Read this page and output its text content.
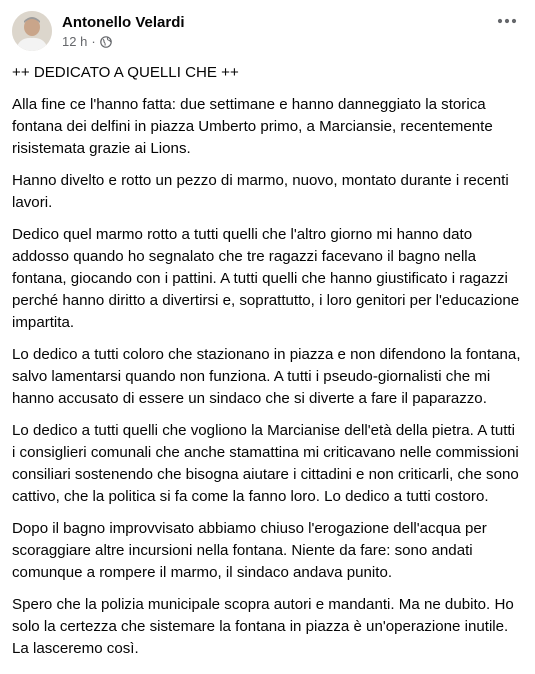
Antonello Velardi
12 h ·

++ DEDICATO A QUELLI CHE ++

Alla fine ce l'hanno fatta: due settimane e hanno danneggiato la storica fontana dei delfini in piazza Umberto primo, a Marciansie, recentemente risistemata grazie ai Lions.

Hanno divelto e rotto un pezzo di marmo, nuovo, montato durante i recenti lavori.

Dedico quel marmo rotto a tutti quelli che l'altro giorno mi hanno dato addosso quando ho segnalato che tre ragazzi facevano il bagno nella fontana, giocando con i pattini. A tutti quelli che hanno giustificato i ragazzi perché hanno diritto a divertirsi e, soprattutto, i loro genitori per l'educazione impartita.

Lo dedico a tutti coloro che stazionano in piazza e non difendono la fontana, salvo lamentarsi quando non funziona. A tutti i pseudo-giornalisti che mi hanno accusato di essere un sindaco che si diverte a fare il paparazzo.

Lo dedico a tutti quelli che vogliono la Marcianise dell'età della pietra. A tutti i consiglieri comunali che anche stamattina mi criticavano nelle commissioni consiliari sostenendo che bisogna aiutare i cittadini e non criticarli, che sono cattivo, che la politica si fa come la fanno loro. Lo dedico a tutti costoro.

Dopo il bagno improvvisato abbiamo chiuso l'erogazione dell'acqua per scoraggiare altre incursioni nella fontana. Niente da fare: sono andati comunque a rompere il marmo, il sindaco andava punito.

Spero che la polizia municipale scopra autori e mandanti. Ma ne dubito. Ho solo la certezza che sistemare la fontana in piazza è un'operazione inutile. La lasceremo così.
